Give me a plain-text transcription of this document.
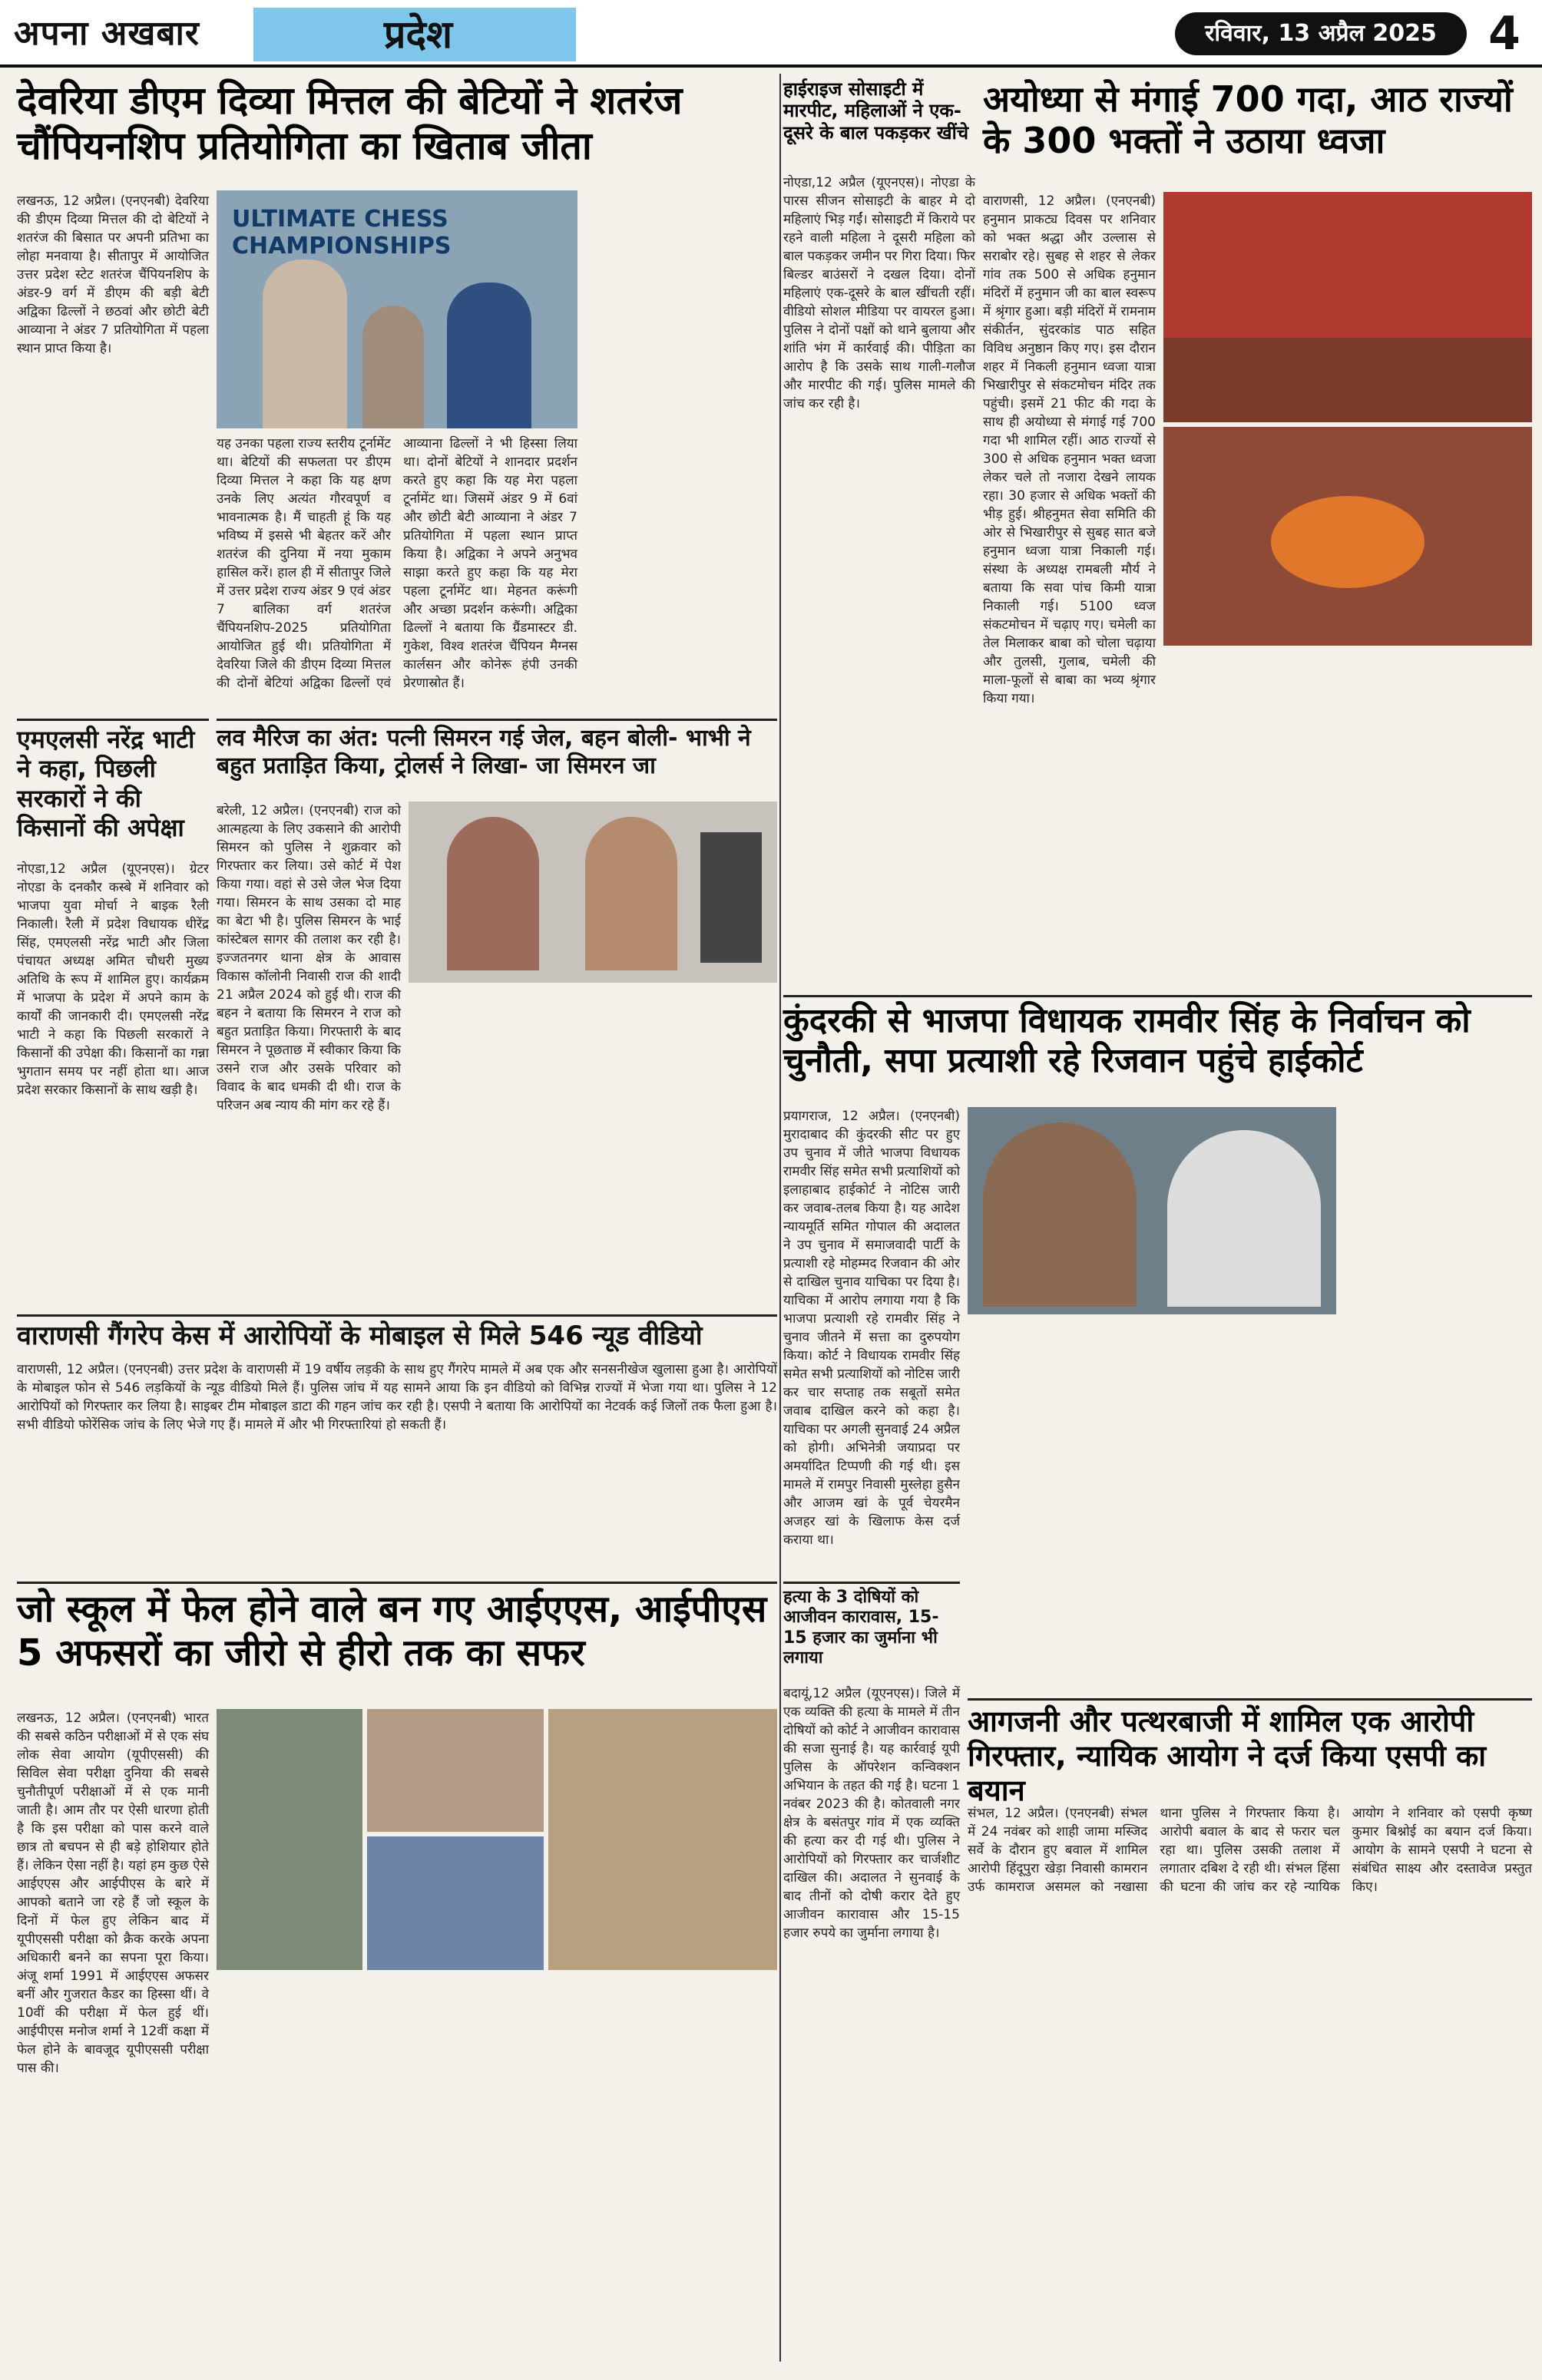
अपना अखबार	प्रदेश	रविवार, 13 अप्रैल 2025	4
देवरिया डीएम दिव्या मित्तल की बेटियों ने शतरंज चौंपियनशिप प्रतियोगिता का खिताब जीता
लखनऊ, 12 अप्रैल। (एनएनबी) देवरिया की डीएम दिव्या मित्तल की दो बेटियों ने शतरंज की बिसात पर अपनी प्रतिभा का लोहा मनवाया है। सीतापुर में आयोजित उत्तर प्रदेश स्टेट शतरंज चैंपियनशिप के अंडर-9 वर्ग में डीएम की बड़ी बेटी अद्विका ढिल्लों ने छठवां और छोटी बेटी आव्याना ने अंडर 7 प्रतियोगिता में पहला स्थान प्राप्त किया है।
ULTIMATE CHESS CHAMPIONSHIPS
यह उनका पहला राज्य स्तरीय टूर्नामेंट था। बेटियों की सफलता पर डीएम दिव्या मित्तल ने कहा कि यह क्षण उनके लिए अत्यंत गौरवपूर्ण व भावनात्मक है। मैं चाहती हूं कि यह भविष्य में इससे भी बेहतर करें और शतरंज की दुनिया में नया मुकाम हासिल करें। हाल ही में सीतापुर जिले में उत्तर प्रदेश राज्य अंडर 9 एवं अंडर 7 बालिका वर्ग शतरंज चैंपियनशिप-2025 प्रतियोगिता आयोजित हुई थी। प्रतियोगिता में देवरिया जिले की डीएम दिव्या मित्तल की दोनों बेटियां अद्विका ढिल्लों एवं आव्याना ढिल्लों ने भी हिस्सा लिया था। दोनों बेटियों ने शानदार प्रदर्शन करते हुए कहा कि यह मेरा पहला टूर्नामेंट था। जिसमें अंडर 9 में 6वां और छोटी बेटी आव्याना ने अंडर 7 प्रतियोगिता में पहला स्थान प्राप्त किया है। अद्विका ने अपने अनुभव साझा करते हुए कहा कि यह मेरा पहला टूर्नामेंट था। मेहनत करूंगी और अच्छा प्रदर्शन करूंगी। अद्विका ढिल्लों ने बताया कि ग्रैंडमास्टर डी. गुकेश, विश्व शतरंज चैंपियन मैग्नस कार्लसन और कोनेरू हंपी उनकी प्रेरणास्रोत हैं।
हाईराइज सोसाइटी में मारपीट, महिलाओं ने एक-दूसरे के बाल पकड़कर खींचे
नोएडा,12 अप्रैल (यूएनएस)। नोएडा के पारस सीजन सोसाइटी के बाहर मे दो महिलाएं भिड़ गईं। सोसाइटी में किराये पर रहने वाली महिला ने दूसरी महिला को बाल पकड़कर जमीन पर गिरा दिया। फिर बिल्डर बाउंसरों ने दखल दिया। दोनों महिलाएं एक-दूसरे के बाल खींचती रहीं। वीडियो सोशल मीडिया पर वायरल हुआ। पुलिस ने दोनों पक्षों को थाने बुलाया और शांति भंग में कार्रवाई की। पीड़िता का आरोप है कि उसके साथ गाली-गलौज और मारपीट की गई। पुलिस मामले की जांच कर रही है।
अयोध्या से मंगाई 700 गदा, आठ राज्यों के 300 भक्तों ने उठाया ध्वजा
वाराणसी, 12 अप्रैल। (एनएनबी) हनुमान प्राकट्य दिवस पर शनिवार को भक्त श्रद्धा और उल्लास से सराबोर रहे। सुबह से शहर से लेकर गांव तक 500 से अधिक हनुमान मंदिरों में हनुमान जी का बाल स्वरूप में श्रृंगार हुआ। बड़ी मंदिरों में रामनाम संकीर्तन, सुंदरकांड पाठ सहित विविध अनुष्ठान किए गए। इस दौरान शहर में निकली हनुमान ध्वजा यात्रा भिखारीपुर से संकटमोचन मंदिर तक पहुंची। इसमें 21 फीट की गदा के साथ ही अयोध्या से मंगाई गई 700 गदा भी शामिल रहीं। आठ राज्यों से 300 से अधिक हनुमान भक्त ध्वजा लेकर चले तो नजारा देखने लायक रहा। 30 हजार से अधिक भक्तों की भीड़ हुई। श्रीहनुमत सेवा समिति की ओर से भिखारीपुर से सुबह सात बजे हनुमान ध्वजा यात्रा निकाली गई। संस्था के अध्यक्ष रामबली मौर्य ने बताया कि सवा पांच किमी यात्रा निकाली गई। 5100 ध्वज संकटमोचन में चढ़ाए गए। चमेली का तेल मिलाकर बाबा को चोला चढ़ाया और तुलसी, गुलाब, चमेली की माला-फूलों से बाबा का भव्य श्रृंगार किया गया।
एमएलसी नरेंद्र भाटी ने कहा, पिछली सरकारों ने की किसानों की अपेक्षा
नोएडा,12 अप्रैल (यूएनएस)। ग्रेटर नोएडा के दनकौर कस्बे में शनिवार को भाजपा युवा मोर्चा ने बाइक रैली निकाली। रैली में प्रदेश विधायक धीरेंद्र सिंह, एमएलसी नरेंद्र भाटी और जिला पंचायत अध्यक्ष अमित चौधरी मुख्य अतिथि के रूप में शामिल हुए। कार्यक्रम में भाजपा के प्रदेश में अपने काम के कार्यों की जानकारी दी। एमएलसी नरेंद्र भाटी ने कहा कि पिछली सरकारों ने किसानों की उपेक्षा की। किसानों का गन्ना भुगतान समय पर नहीं होता था। आज प्रदेश सरकार किसानों के साथ खड़ी है।
लव मैरिज का अंत: पत्नी सिमरन गई जेल, बहन बोली- भाभी ने बहुत प्रताड़ित किया, ट्रोलर्स ने लिखा- जा सिमरन जा
बरेली, 12 अप्रैल। (एनएनबी) राज को आत्महत्या के लिए उकसाने की आरोपी सिमरन को पुलिस ने शुक्रवार को गिरफ्तार कर लिया। उसे कोर्ट में पेश किया गया। वहां से उसे जेल भेज दिया गया। सिमरन के साथ उसका दो माह का बेटा भी है। पुलिस सिमरन के भाई कांस्टेबल सागर की तलाश कर रही है। इज्जतनगर थाना क्षेत्र के आवास विकास कॉलोनी निवासी राज की शादी 21 अप्रैल 2024 को हुई थी। राज की बहन ने बताया कि सिमरन ने राज को बहुत प्रताड़ित किया। गिरफ्तारी के बाद सिमरन ने पूछताछ में स्वीकार किया कि उसने राज और उसके परिवार को विवाद के बाद धमकी दी थी। राज के परिजन अब न्याय की मांग कर रहे हैं।
वाराणसी गैंगरेप केस में आरोपियों के मोबाइल से मिले 546 न्यूड वीडियो
वाराणसी, 12 अप्रैल। (एनएनबी) उत्तर प्रदेश के वाराणसी में 19 वर्षीय लड़की के साथ हुए गैंगरेप मामले में अब एक और सनसनीखेज खुलासा हुआ है। आरोपियों के मोबाइल फोन से 546 लड़कियों के न्यूड वीडियो मिले हैं। पुलिस जांच में यह सामने आया कि इन वीडियो को विभिन्न राज्यों में भेजा गया था। पुलिस ने 12 आरोपियों को गिरफ्तार कर लिया है। साइबर टीम मोबाइल डाटा की गहन जांच कर रही है। एसपी ने बताया कि आरोपियों का नेटवर्क कई जिलों तक फैला हुआ है। सभी वीडियो फोरेंसिक जांच के लिए भेजे गए हैं। मामले में और भी गिरफ्तारियां हो सकती हैं।
कुंदरकी से भाजपा विधायक रामवीर सिंह के निर्वाचन को चुनौती, सपा प्रत्याशी रहे रिजवान पहुंचे हाईकोर्ट
प्रयागराज, 12 अप्रैल। (एनएनबी) मुरादाबाद की कुंदरकी सीट पर हुए उप चुनाव में जीते भाजपा विधायक रामवीर सिंह समेत सभी प्रत्याशियों को इलाहाबाद हाईकोर्ट ने नोटिस जारी कर जवाब-तलब किया है। यह आदेश न्यायमूर्ति समित गोपाल की अदालत ने उप चुनाव में समाजवादी पार्टी के प्रत्याशी रहे मोहम्मद रिजवान की ओर से दाखिल चुनाव याचिका पर दिया है। याचिका में आरोप लगाया गया है कि भाजपा प्रत्याशी रहे रामवीर सिंह ने चुनाव जीतने में सत्ता का दुरुपयोग किया। कोर्ट ने विधायक रामवीर सिंह समेत सभी प्रत्याशियों को नोटिस जारी कर चार सप्ताह तक सबूतों समेत जवाब दाखिल करने को कहा है। याचिका पर अगली सुनवाई 24 अप्रैल को होगी। अभिनेत्री जयाप्रदा पर अमर्यादित टिप्पणी की गई थी। इस मामले में रामपुर निवासी मुस्लेहा हुसैन और आजम खां के पूर्व चेयरमैन अजहर खां के खिलाफ केस दर्ज कराया था।
हत्या के 3 दोषियों को आजीवन कारावास, 15-15 हजार का जुर्माना भी लगाया
बदायूं,12 अप्रैल (यूएनएस)। जिले में एक व्यक्ति की हत्या के मामले में तीन दोषियों को कोर्ट ने आजीवन कारावास की सजा सुनाई है। यह कार्रवाई यूपी पुलिस के ऑपरेशन कन्विक्शन अभियान के तहत की गई है। घटना 1 नवंबर 2023 की है। कोतवाली नगर क्षेत्र के बसंतपुर गांव में एक व्यक्ति की हत्या कर दी गई थी। पुलिस ने आरोपियों को गिरफ्तार कर चार्जशीट दाखिल की। अदालत ने सुनवाई के बाद तीनों को दोषी करार देते हुए आजीवन कारावास और 15-15 हजार रुपये का जुर्माना लगाया है।
आगजनी और पत्थरबाजी में शामिल एक आरोपी गिरफ्तार, न्यायिक आयोग ने दर्ज किया एसपी का बयान
संभल, 12 अप्रैल। (एनएनबी) संभल में 24 नवंबर को शाही जामा मस्जिद सर्वे के दौरान हुए बवाल में शामिल आरोपी हिंदूपुरा खेड़ा निवासी कामरान उर्फ कामराज असमल को नखासा थाना पुलिस ने गिरफ्तार किया है। आरोपी बवाल के बाद से फरार चल रहा था। पुलिस उसकी तलाश में लगातार दबिश दे रही थी। संभल हिंसा की घटना की जांच कर रहे न्यायिक आयोग ने शनिवार को एसपी कृष्ण कुमार बिश्नोई का बयान दर्ज किया। आयोग के सामने एसपी ने घटना से संबंधित साक्ष्य और दस्तावेज प्रस्तुत किए।
जो स्कूल में फेल होने वाले बन गए आईएएस, आईपीएस 5 अफसरों का जीरो से हीरो तक का सफर
लखनऊ, 12 अप्रैल। (एनएनबी) भारत की सबसे कठिन परीक्षाओं में से एक संघ लोक सेवा आयोग (यूपीएससी) की सिविल सेवा परीक्षा दुनिया की सबसे चुनौतीपूर्ण परीक्षाओं में से एक मानी जाती है। आम तौर पर ऐसी धारणा होती है कि इस परीक्षा को पास करने वाले छात्र तो बचपन से ही बड़े होशियार होते हैं। लेकिन ऐसा नहीं है। यहां हम कुछ ऐसे आईएएस और आईपीएस के बारे में आपको बताने जा रहे हैं जो स्कूल के दिनों में फेल हुए लेकिन बाद में यूपीएससी परीक्षा को क्रैक करके अपना अधिकारी बनने का सपना पूरा किया। अंजू शर्मा 1991 में आईएएस अफसर बनीं और गुजरात कैडर का हिस्सा थीं। वे 10वीं की परीक्षा में फेल हुई थीं। आईपीएस मनोज शर्मा ने 12वीं कक्षा में फेल होने के बावजूद यूपीएससी परीक्षा पास की।
